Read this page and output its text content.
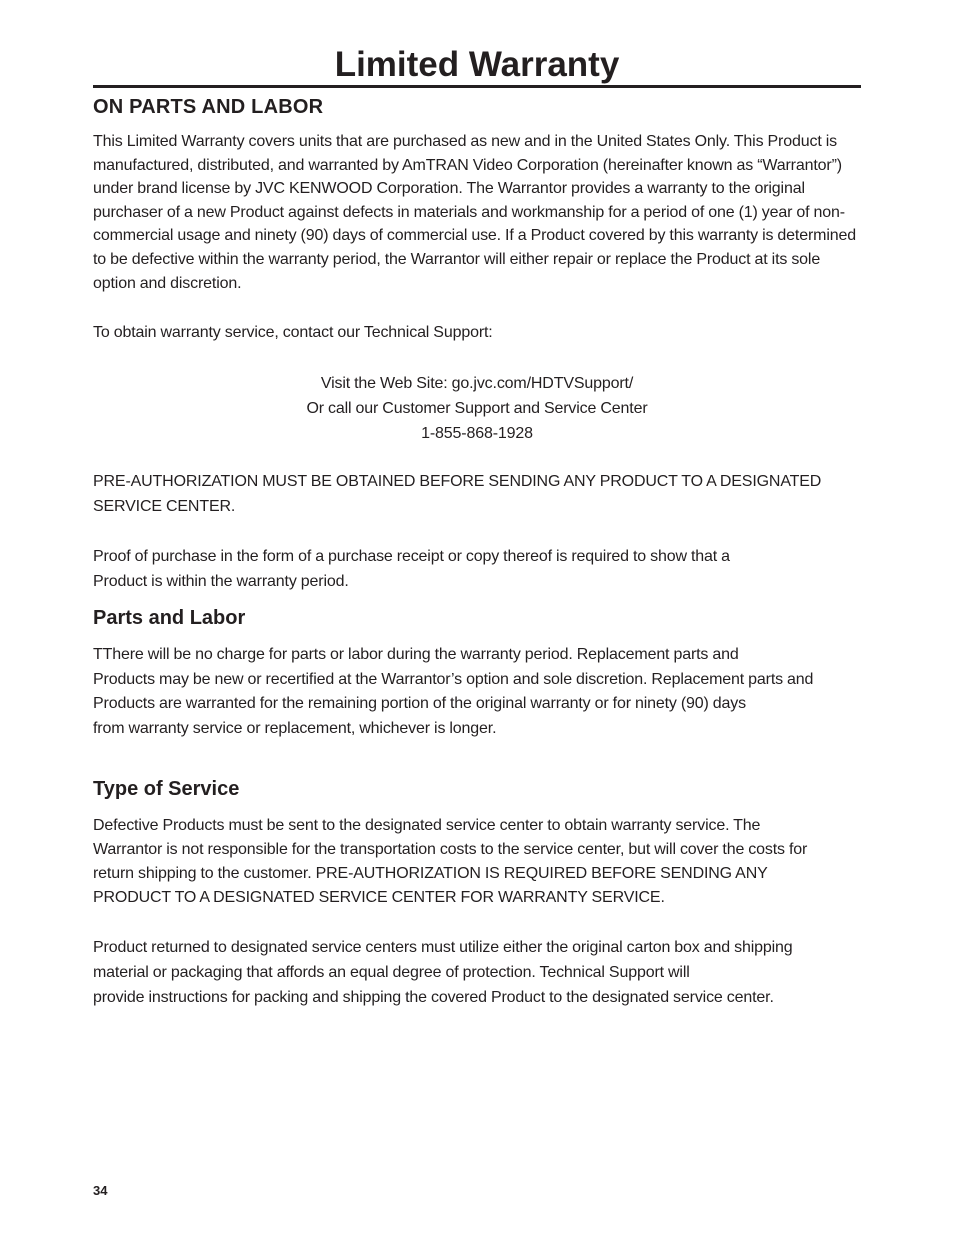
Limited Warranty
ON PARTS AND LABOR

This Limited Warranty covers units that are purchased as new and in the United States Only. This Product is manufactured, distributed, and warranted by AmTRAN Video Corporation (hereinafter known as “Warrantor”) under brand license by JVC KENWOOD Corporation. The Warrantor provides a warranty to the original purchaser of a new Product against defects in materials and workmanship for a period of one (1) year of non-commercial usage and ninety (90) days of commercial use. If a Product covered by this warranty is determined to be defective within the warranty period, the Warrantor will either repair or replace the Product at its sole option and discretion.

To obtain warranty service, contact our Technical Support:

Visit the Web Site: go.jvc.com/HDTVSupport/

Or call our Customer Support and Service Center

1-855-868-1928

PRE-AUTHORIZATION MUST BE OBTAINED BEFORE SENDING ANY PRODUCT TO A DESIGNATED SERVICE CENTER.

Proof of purchase in the form of a purchase receipt or copy thereof is required to show that a

Product is within the warranty period.

Parts and Labor

TThere will be no charge for parts or labor during the warranty period. Replacement parts and

Products may be new or recertified at the Warrantor’s option and sole discretion. Replacement parts and

Products are warranted for the remaining portion of the original warranty or for ninety (90) days

from warranty service or replacement, whichever is longer.

Type of Service

Defective Products must be sent to the designated service center to obtain warranty service. The

Warrantor is not responsible for the transportation costs to the service center, but will cover the costs for

return shipping to the customer. PRE-AUTHORIZATION IS REQUIRED BEFORE SENDING ANY

PRODUCT TO A DESIGNATED SERVICE CENTER FOR WARRANTY SERVICE.

Product returned to designated service centers must utilize either the original carton box and shipping

material or packaging that affords an equal degree of protection. Technical Support will

provide instructions for packing and shipping the covered Product to the designated service center.

34
